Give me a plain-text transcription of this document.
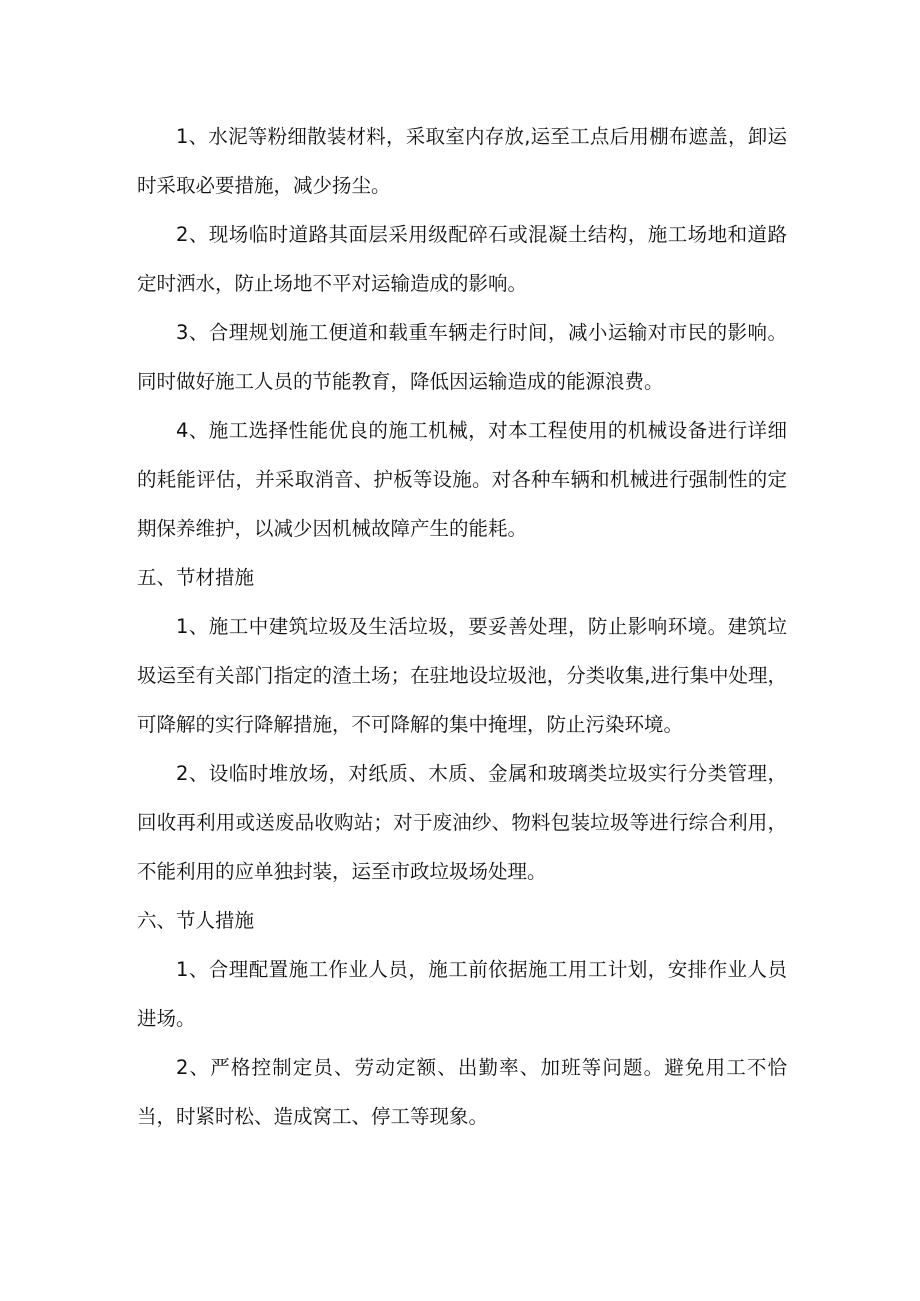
1、水泥等粉细散装材料，采取室内存放,运至工点后用棚布遮盖，卸运时采取必要措施，减少扬尘。

2、现场临时道路其面层采用级配碎石或混凝土结构，施工场地和道路定时洒水，防止场地不平对运输造成的影响。

3、合理规划施工便道和载重车辆走行时间，减小运输对市民的影响。同时做好施工人员的节能教育，降低因运输造成的能源浪费。

4、施工选择性能优良的施工机械，对本工程使用的机械设备进行详细的耗能评估，并采取消音、护板等设施。对各种车辆和机械进行强制性的定期保养维护，以减少因机械故障产生的能耗。

五、节材措施

1、施工中建筑垃圾及生活垃圾，要妥善处理，防止影响环境。建筑垃圾运至有关部门指定的渣土场；在驻地设垃圾池，分类收集,进行集中处理，可降解的实行降解措施，不可降解的集中掩埋，防止污染环境。

2、设临时堆放场，对纸质、木质、金属和玻璃类垃圾实行分类管理，回收再利用或送废品收购站；对于废油纱、物料包装垃圾等进行综合利用，不能利用的应单独封装，运至市政垃圾场处理。

六、节人措施

1、合理配置施工作业人员，施工前依据施工用工计划，安排作业人员进场。

2、严格控制定员、劳动定额、出勤率、加班等问题。避免用工不恰当，时紧时松、造成窝工、停工等现象。
